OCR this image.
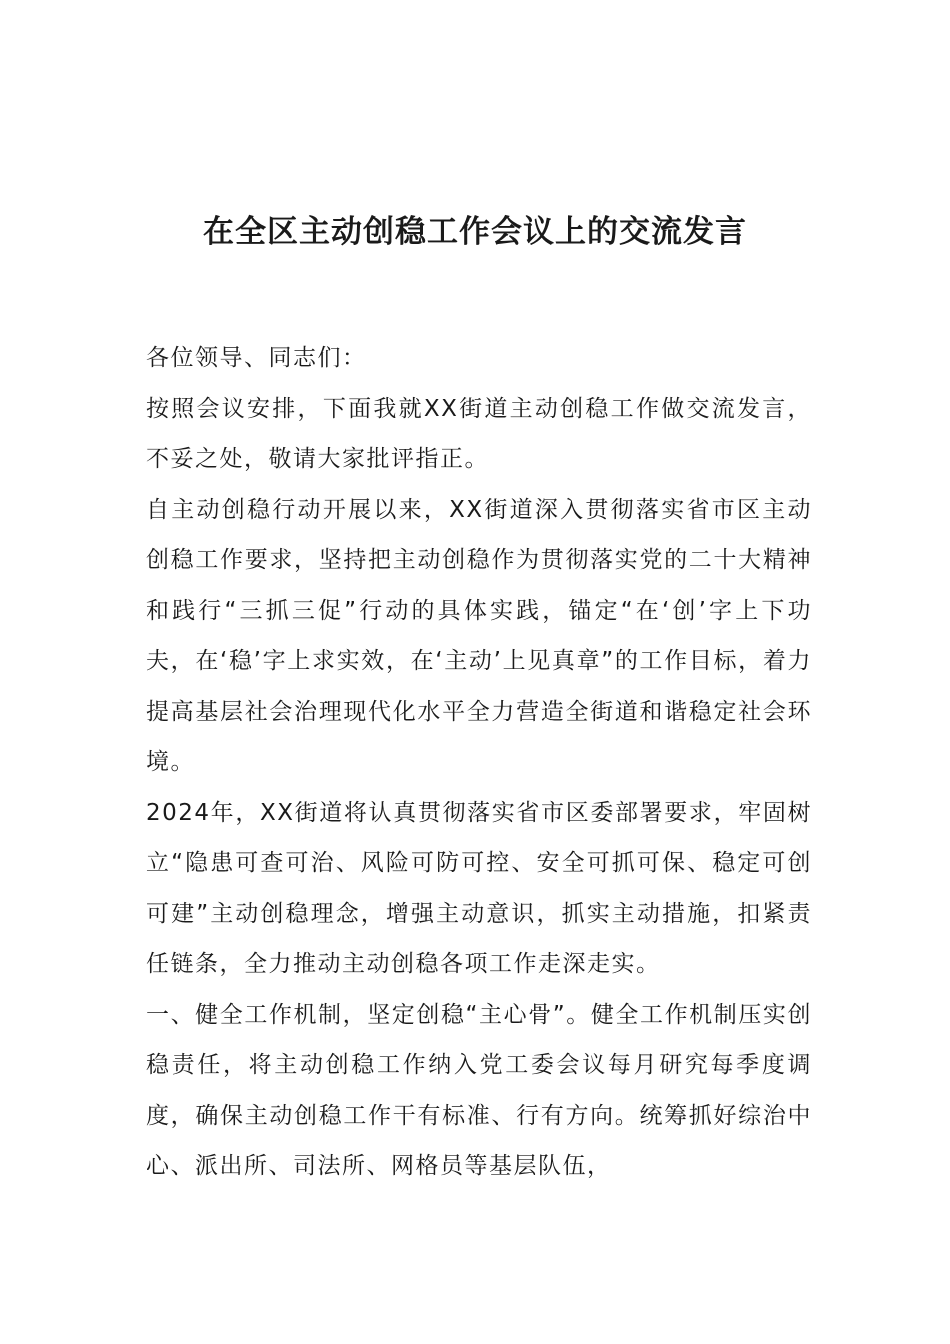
在全区主动创稳工作会议上的交流发言

各位领导、同志们：

按照会议安排，下面我就XX街道主动创稳工作做交流发言，不妥之处，敬请大家批评指正。

自主动创稳行动开展以来，XX街道深入贯彻落实省市区主动创稳工作要求，坚持把主动创稳作为贯彻落实党的二十大精神和践行“三抓三促”行动的具体实践，锚定“在‘创’字上下功夫，在‘稳’字上求实效，在‘主动’上见真章”的工作目标，着力提高基层社会治理现代化水平全力营造全街道和谐稳定社会环境。

2024年，XX街道将认真贯彻落实省市区委部署要求，牢固树立“隐患可查可治、风险可防可控、安全可抓可保、稳定可创可建”主动创稳理念，增强主动意识，抓实主动措施，扣紧责任链条，全力推动主动创稳各项工作走深走实。

一、健全工作机制，坚定创稳“主心骨”。健全工作机制压实创稳责任，将主动创稳工作纳入党工委会议每月研究每季度调度，确保主动创稳工作干有标准、行有方向。统筹抓好综治中心、派出所、司法所、网格员等基层队伍，
